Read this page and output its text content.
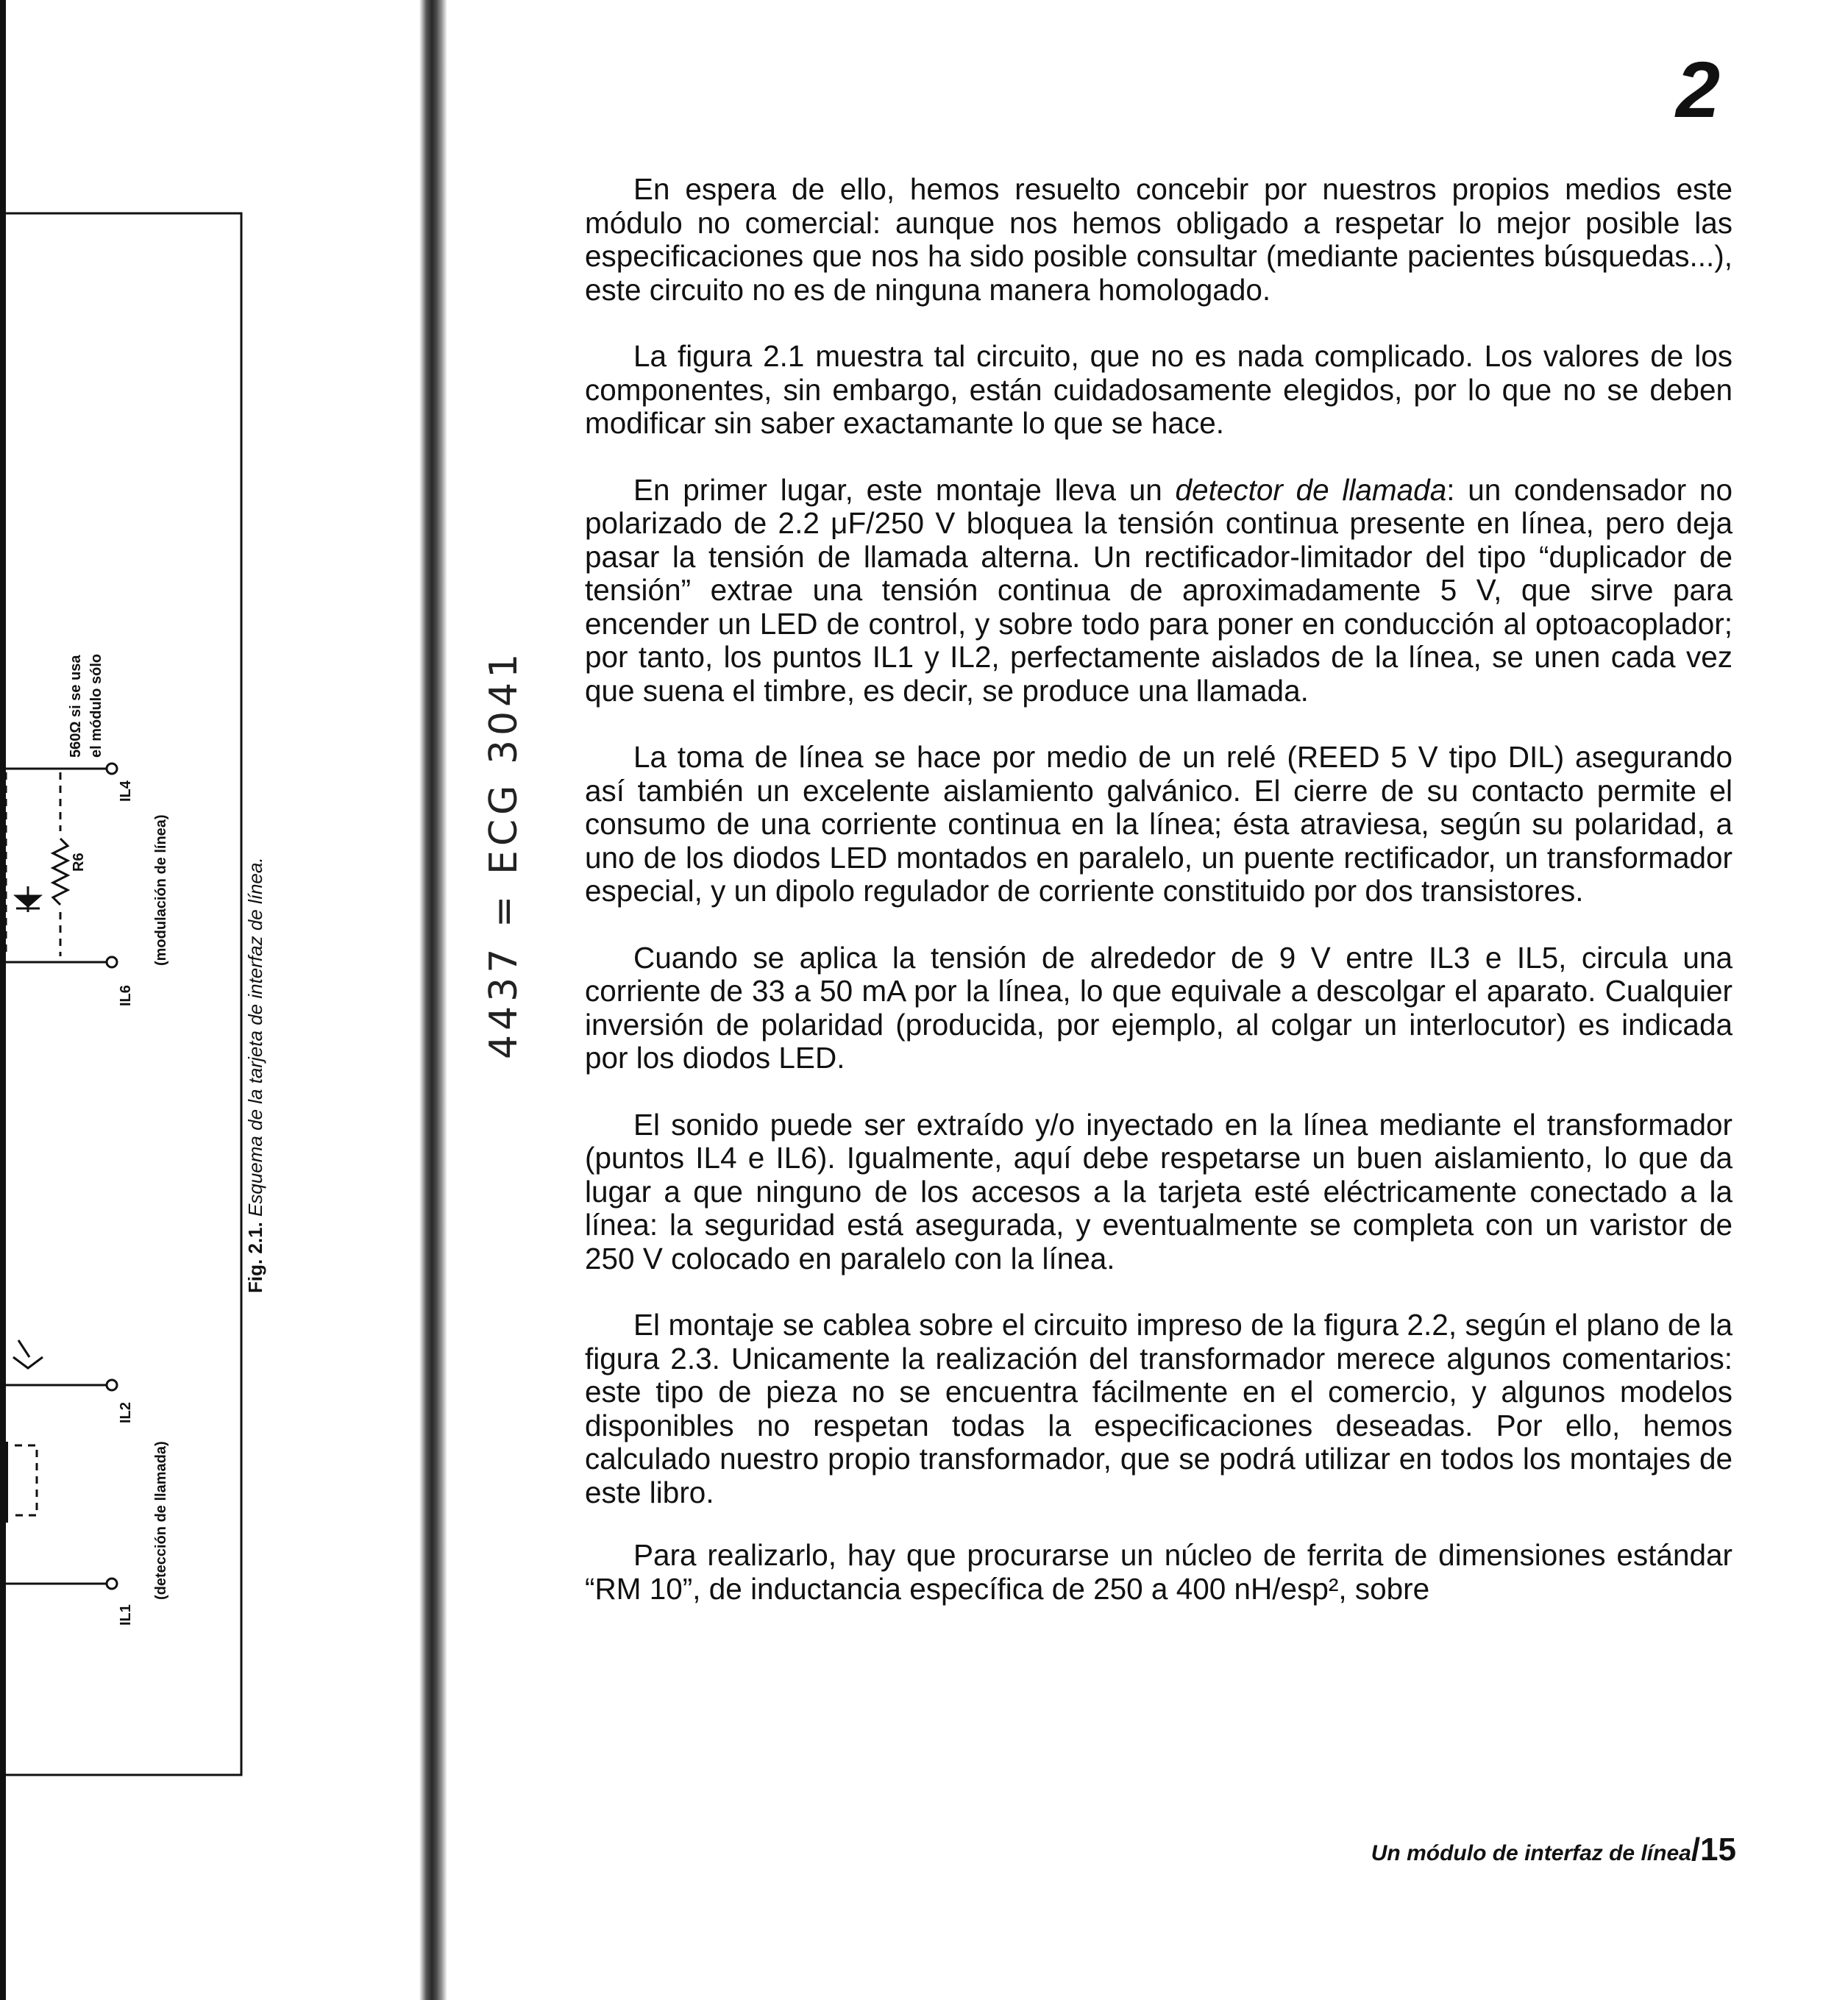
IL1
IL2
IL6
IL4
R6
(detección de llamada)
(modulación de línea)
560Ω si se usa el módulo sólo
Fig. 2.1. Esquema de la tarjeta de interfaz de línea.	4437 = ECG 3041
2

En espera de ello, hemos resuelto concebir por nuestros propios medios este módulo no comercial: aunque nos hemos obligado a respetar lo mejor posible las especificaciones que nos ha sido posible consultar (mediante pacientes búsquedas...), este circuito no es de ninguna manera homologado.

La figura 2.1 muestra tal circuito, que no es nada complicado. Los valores de los componentes, sin embargo, están cuidadosamente elegidos, por lo que no se deben modificar sin saber exactamante lo que se hace.

En primer lugar, este montaje lleva un detector de llamada: un condensador no polarizado de 2.2 μF/250 V bloquea la tensión continua presente en línea, pero deja pasar la tensión de llamada alterna. Un rectificador-limitador del tipo “duplicador de tensión” extrae una tensión continua de aproximadamente 5 V, que sirve para encender un LED de control, y sobre todo para poner en conducción al optoacoplador; por tanto, los puntos IL1 y IL2, perfectamente aislados de la línea, se unen cada vez que suena el timbre, es decir, se produce una llamada.

La toma de línea se hace por medio de un relé (REED 5 V tipo DIL) asegurando así también un excelente aislamiento galvánico. El cierre de su contacto permite el consumo de una corriente continua en la línea; ésta atraviesa, según su polaridad, a uno de los diodos LED montados en paralelo, un puente rectificador, un transformador especial, y un dipolo regulador de corriente constituido por dos transistores.

Cuando se aplica la tensión de alrededor de 9 V entre IL3 e IL5, circula una corriente de 33 a 50 mA por la línea, lo que equivale a descolgar el aparato. Cualquier inversión de polaridad (producida, por ejemplo, al colgar un interlocutor) es indicada por los diodos LED.

El sonido puede ser extraído y/o inyectado en la línea mediante el transformador (puntos IL4 e IL6). Igualmente, aquí debe respetarse un buen aislamiento, lo que da lugar a que ninguno de los accesos a la tarjeta esté eléctricamente conectado a la línea: la seguridad está asegurada, y eventualmente se completa con un varistor de 250 V colocado en paralelo con la línea.

El montaje se cablea sobre el circuito impreso de la figura 2.2, según el plano de la figura 2.3. Unicamente la realización del transformador merece algunos comentarios: este tipo de pieza no se encuentra fácilmente en el comercio, y algunos modelos disponibles no respetan todas la especificaciones deseadas. Por ello, hemos calculado nuestro propio transformador, que se podrá utilizar en todos los montajes de este libro.

Para realizarlo, hay que procurarse un núcleo de ferrita de dimensiones estándar “RM 10”, de inductancia específica de 250 a 400 nH/esp², sobre

Un módulo de interfaz de línea/15
